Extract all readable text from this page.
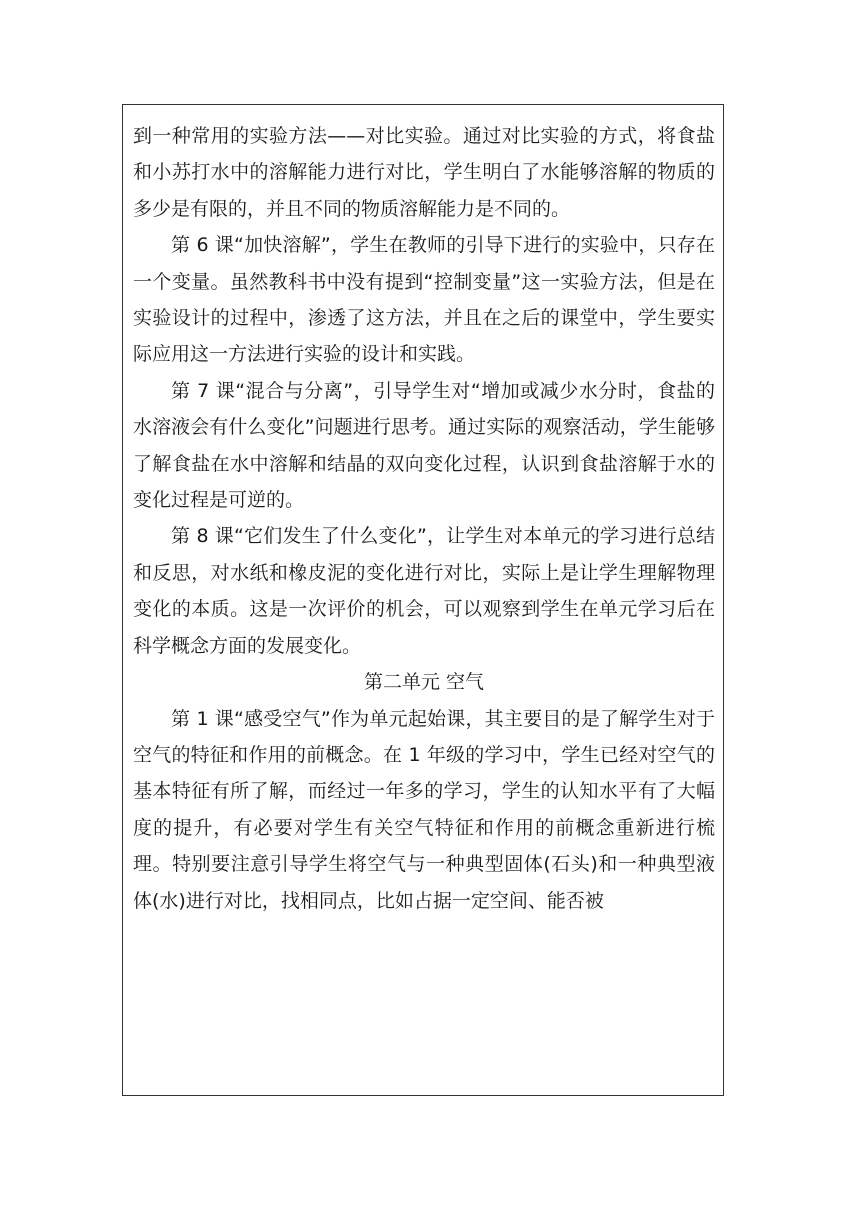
到一种常用的实验方法——对比实验。通过对比实验的方式，将食盐和小苏打水中的溶解能力进行对比，学生明白了水能够溶解的物质的多少是有限的，并且不同的物质溶解能力是不同的。

第 6 课“加快溶解”，学生在教师的引导下进行的实验中，只存在一个变量。虽然教科书中没有提到“控制变量”这一实验方法，但是在实验设计的过程中，渗透了这方法，并且在之后的课堂中，学生要实际应用这一方法进行实验的设计和实践。

第 7 课“混合与分离”，引导学生对“增加或减少水分时，食盐的水溶液会有什么变化”问题进行思考。通过实际的观察活动，学生能够了解食盐在水中溶解和结晶的双向变化过程，认识到食盐溶解于水的变化过程是可逆的。

第 8 课“它们发生了什么变化”，让学生对本单元的学习进行总结和反思，对水纸和橡皮泥的变化进行对比，实际上是让学生理解物理变化的本质。这是一次评价的机会，可以观察到学生在单元学习后在科学概念方面的发展变化。

第二单元 空气

第 1 课“感受空气”作为单元起始课，其主要目的是了解学生对于空气的特征和作用的前概念。在 1 年级的学习中，学生已经对空气的基本特征有所了解，而经过一年多的学习，学生的认知水平有了大幅度的提升，有必要对学生有关空气特征和作用的前概念重新进行梳理。特别要注意引导学生将空气与一种典型固体(石头)和一种典型液体(水)进行对比，找相同点，比如占据一定空间、能否被
